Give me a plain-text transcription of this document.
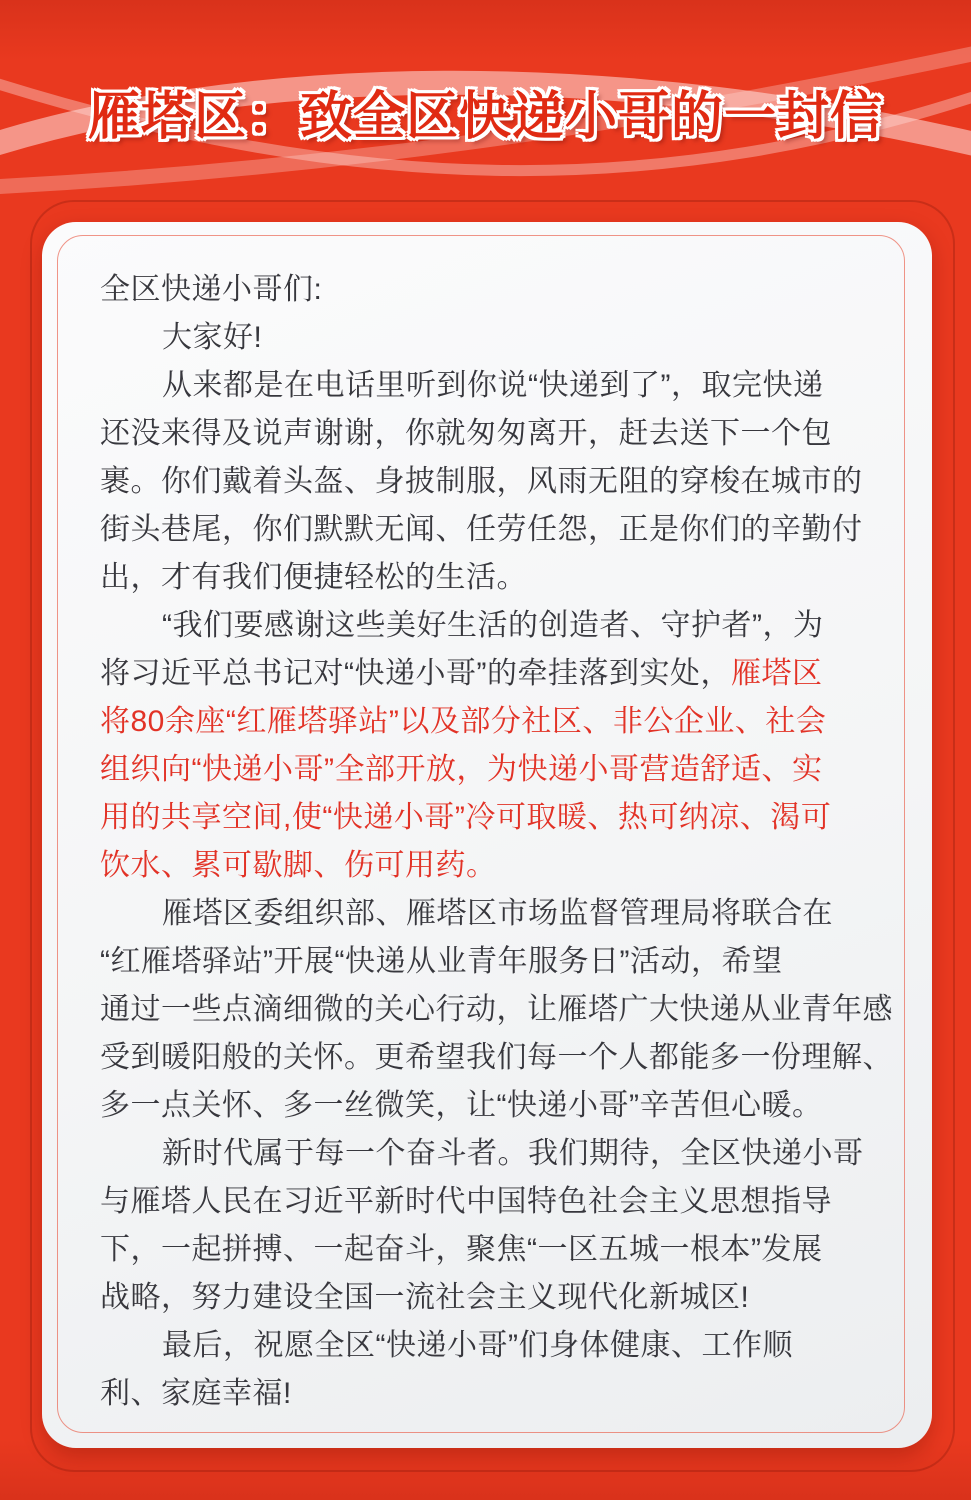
雁塔区：致全区快递小哥的一封信
全区快递小哥们:
大家好!
从来都是在电话里听到你说“快递到了”，取完快递
还没来得及说声谢谢，你就匆匆离开，赶去送下一个包
裹。你们戴着头盔、身披制服，风雨无阻的穿梭在城市的
街头巷尾，你们默默无闻、任劳任怨，正是你们的辛勤付
出，才有我们便捷轻松的生活。
“我们要感谢这些美好生活的创造者、守护者”，为
将习近平总书记对“快递小哥”的牵挂落到实处，雁塔区
将80余座“红雁塔驿站”以及部分社区、非公企业、社会
组织向“快递小哥”全部开放，为快递小哥营造舒适、实
用的共享空间,使“快递小哥”冷可取暖、热可纳凉、渴可
饮水、累可歇脚、伤可用药。
雁塔区委组织部、雁塔区市场监督管理局将联合在
“红雁塔驿站”开展“快递从业青年服务日”活动，希望
通过一些点滴细微的关心行动，让雁塔广大快递从业青年感
受到暖阳般的关怀。更希望我们每一个人都能多一份理解、
多一点关怀、多一丝微笑，让“快递小哥”辛苦但心暖。
新时代属于每一个奋斗者。我们期待，全区快递小哥
与雁塔人民在习近平新时代中国特色社会主义思想指导
下，一起拼搏、一起奋斗，聚焦“一区五城一根本”发展
战略，努力建设全国一流社会主义现代化新城区!
最后，祝愿全区“快递小哥”们身体健康、工作顺
利、家庭幸福!
